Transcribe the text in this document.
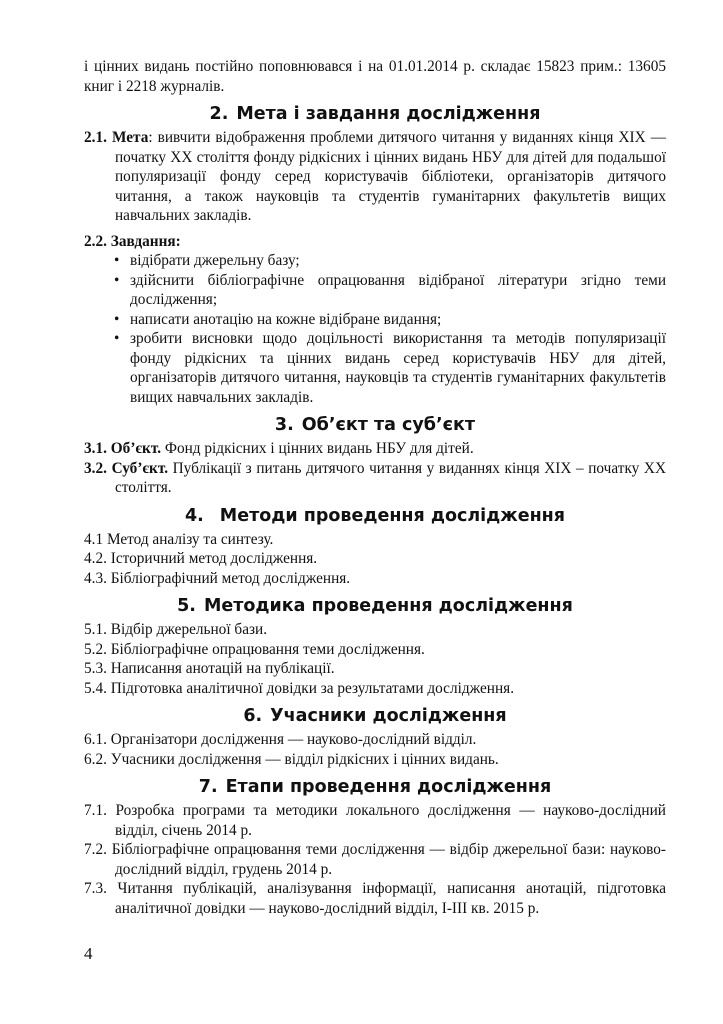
і цінних видань постійно поповнювався і на 01.01.2014 р. складає 15823 прим.: 13605 книг і 2218 журналів.
2. Мета і завдання дослідження
2.1. Мета: вивчити відображення проблеми дитячого читання у виданнях кінця XIX — початку XX століття фонду рідкісних і цінних видань НБУ для дітей для подальшої популяризації фонду серед користувачів бібліотеки, організаторів дитячого читання, а також науковців та студентів гуманітарних факультетів вищих навчальних закладів.
2.2. Завдання:
• відібрати джерельну базу;
• здійснити бібліографічне опрацювання відібраної літератури згідно теми дослідження;
• написати анотацію на кожне відібране видання;
• зробити висновки щодо доцільності використання та методів популяризації фонду рідкісних та цінних видань серед користувачів НБУ для дітей, організаторів дитячого читання, науковців та студентів гуманітарних факультетів вищих навчальних закладів.
3. Об’єкт та суб’єкт
3.1. Об’єкт. Фонд рідкісних і цінних видань НБУ для дітей.
3.2. Суб’єкт. Публікації з питань дитячого читання у виданнях кінця XIX – початку XX століття.
4. Методи проведення дослідження
4.1 Метод аналізу та синтезу.
4.2. Історичний метод дослідження.
4.3. Бібліографічний метод дослідження.
5. Методика проведення дослідження
5.1. Відбір джерельної бази.
5.2. Бібліографічне опрацювання теми дослідження.
5.3. Написання анотацій на публікації.
5.4. Підготовка аналітичної довідки за результатами дослідження.
6. Учасники дослідження
6.1. Організатори дослідження — науково-дослідний відділ.
6.2. Учасники дослідження — відділ рідкісних і цінних видань.
7. Етапи проведення дослідження
7.1. Розробка програми та методики локального дослідження — науково-дослідний відділ, січень 2014 р.
7.2. Бібліографічне опрацювання теми дослідження — відбір джерельної бази: науково-дослідний відділ, грудень 2014 р.
7.3. Читання публікацій, аналізування інформації, написання анотацій, підготовка аналітичної довідки — науково-дослідний відділ, І-ІІІ кв. 2015 р.
4
